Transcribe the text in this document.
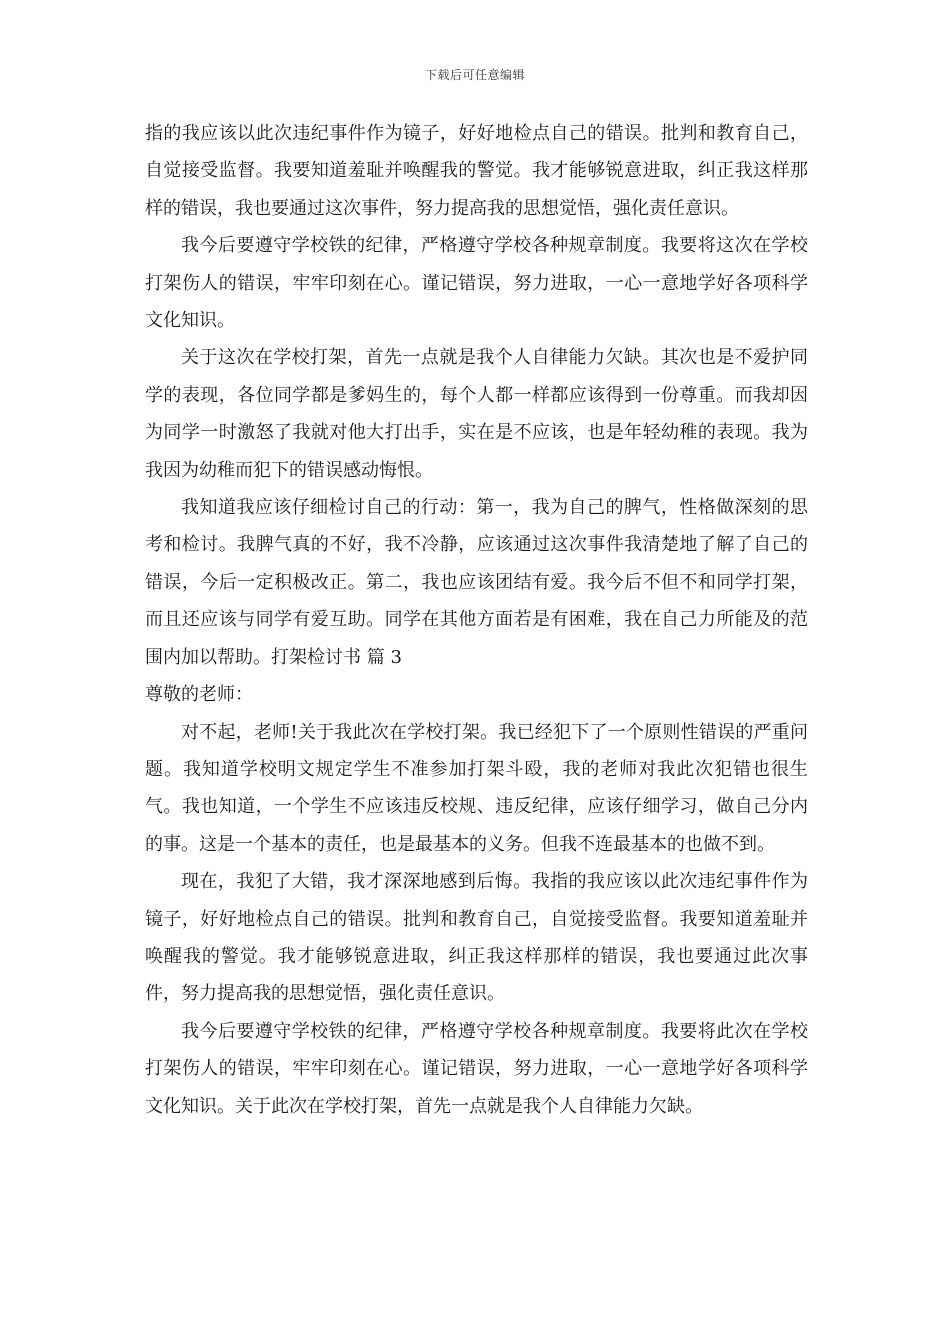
下载后可任意编辑

指的我应该以此次违纪事件作为镜子，好好地检点自己的错误。批判和教育自己，自觉接受监督。我要知道羞耻并唤醒我的警觉。我才能够锐意进取，纠正我这样那样的错误，我也要通过这次事件，努力提高我的思想觉悟，强化责任意识。

我今后要遵守学校铁的纪律，严格遵守学校各种规章制度。我要将这次在学校打架伤人的错误，牢牢印刻在心。谨记错误，努力进取，一心一意地学好各项科学文化知识。

关于这次在学校打架，首先一点就是我个人自律能力欠缺。其次也是不爱护同学的表现，各位同学都是爹妈生的，每个人都一样都应该得到一份尊重。而我却因为同学一时激怒了我就对他大打出手，实在是不应该，也是年轻幼稚的表现。我为我因为幼稚而犯下的错误感动悔恨。

我知道我应该仔细检讨自己的行动：第一，我为自己的脾气，性格做深刻的思考和检讨。我脾气真的不好，我不冷静，应该通过这次事件我清楚地了解了自己的错误，今后一定积极改正。第二，我也应该团结有爱。我今后不但不和同学打架，而且还应该与同学有爱互助。同学在其他方面若是有困难，我在自己力所能及的范围内加以帮助。打架检讨书 篇 3

尊敬的老师：

对不起，老师!关于我此次在学校打架。我已经犯下了一个原则性错误的严重问题。我知道学校明文规定学生不准参加打架斗殴，我的老师对我此次犯错也很生气。我也知道，一个学生不应该违反校规、违反纪律，应该仔细学习，做自己分内的事。这是一个基本的责任，也是最基本的义务。但我不连最基本的也做不到。

现在，我犯了大错，我才深深地感到后悔。我指的我应该以此次违纪事件作为镜子，好好地检点自己的错误。批判和教育自己，自觉接受监督。我要知道羞耻并唤醒我的警觉。我才能够锐意进取，纠正我这样那样的错误，我也要通过此次事件，努力提高我的思想觉悟，强化责任意识。

我今后要遵守学校铁的纪律，严格遵守学校各种规章制度。我要将此次在学校打架伤人的错误，牢牢印刻在心。谨记错误，努力进取，一心一意地学好各项科学文化知识。关于此次在学校打架，首先一点就是我个人自律能力欠缺。
